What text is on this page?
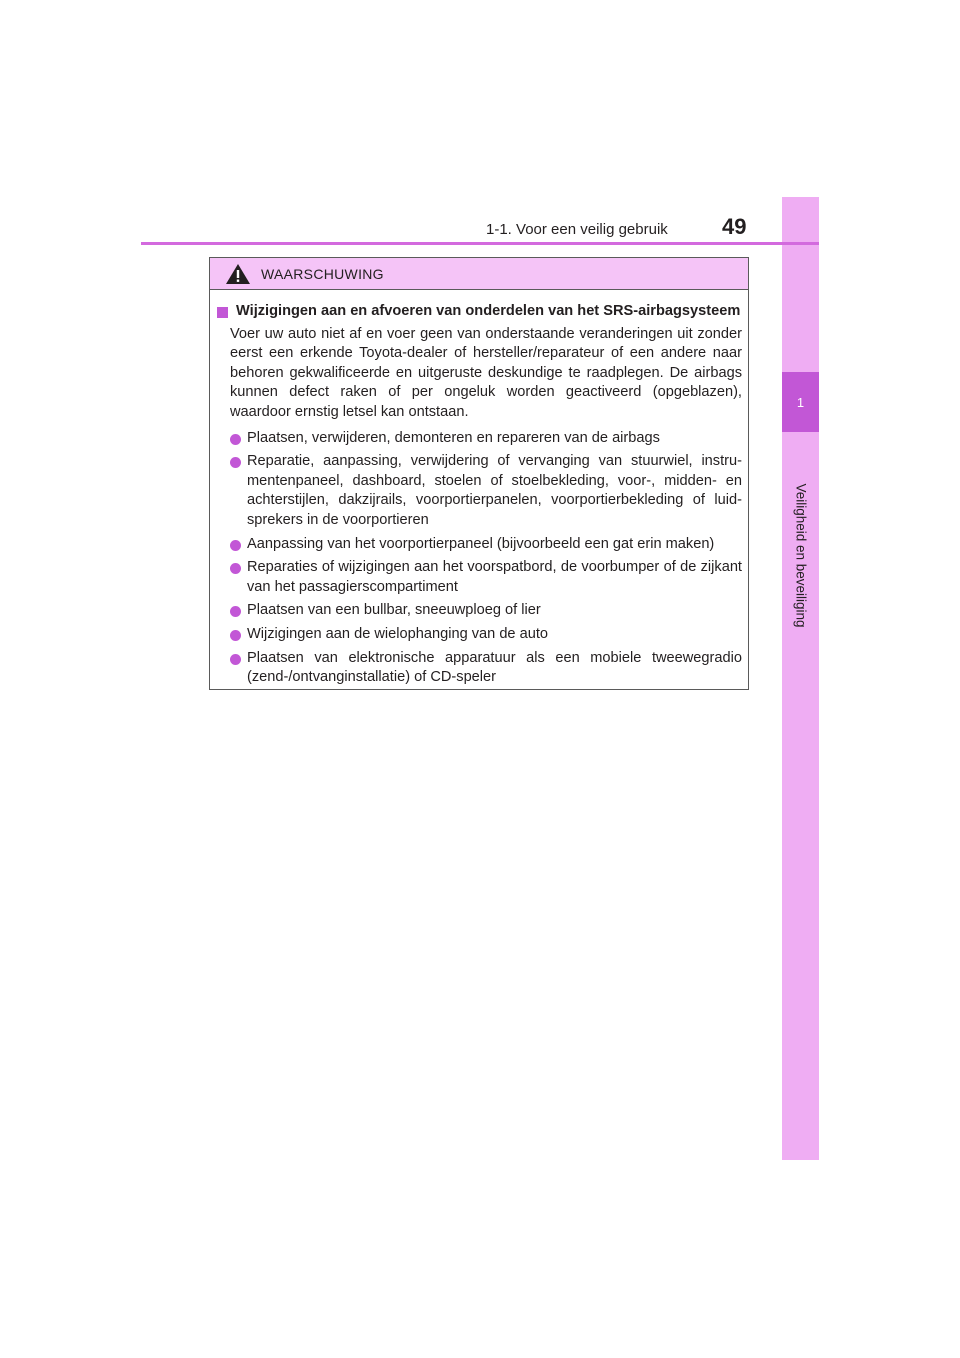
1
Veiligheid en beveiliging
1-1. Voor een veilig gebruik 49
WAARSCHUWING
Wijzigingen aan en afvoeren van onderdelen van het SRS-airbagsysteem
Voer uw auto niet af en voer geen van onderstaande veranderingen uit zonder eerst een erkende Toyota-dealer of hersteller/reparateur of een andere naar behoren gekwalificeerde en uitgeruste deskundige te raadplegen. De airbags kunnen defect raken of per ongeluk worden geactiveerd (opgeblazen), waardoor ernstig letsel kan ontstaan.
Plaatsen, verwijderen, demonteren en repareren van de airbags
Reparatie, aanpassing, verwijdering of vervanging van stuurwiel, instrumentenpaneel, dashboard, stoelen of stoelbekleding, voor-, midden- en achterstijlen, dakzijrails, voorportierpanelen, voorportierbekleding of luidsprekers in de voorportieren
Aanpassing van het voorportierpaneel (bijvoorbeeld een gat erin maken)
Reparaties of wijzigingen aan het voorspatbord, de voorbumper of de zijkant van het passagierscompartiment
Plaatsen van een bullbar, sneeuwploeg of lier
Wijzigingen aan de wielophanging van de auto
Plaatsen van elektronische apparatuur als een mobiele tweewegradio (zend-/ontvanginstallatie) of CD-speler
